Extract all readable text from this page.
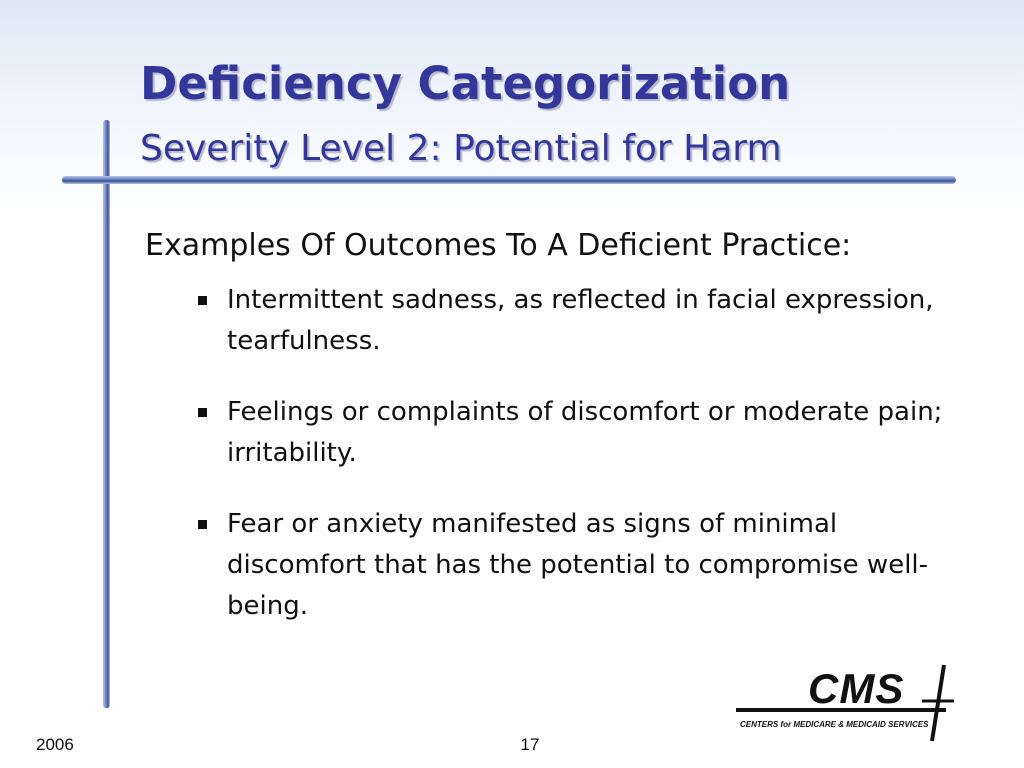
Deficiency Categorization
Severity Level 2: Potential for Harm
Examples Of Outcomes To A Deficient Practice:
Intermittent sadness, as reflected in facial expression, tearfulness.
Feelings or complaints of discomfort or moderate pain; irritability.
Fear or anxiety manifested as signs of minimal discomfort that has the potential to compromise well-being.
CMS
CENTERS for MEDICARE & MEDICAID SERVICES
2006	17
